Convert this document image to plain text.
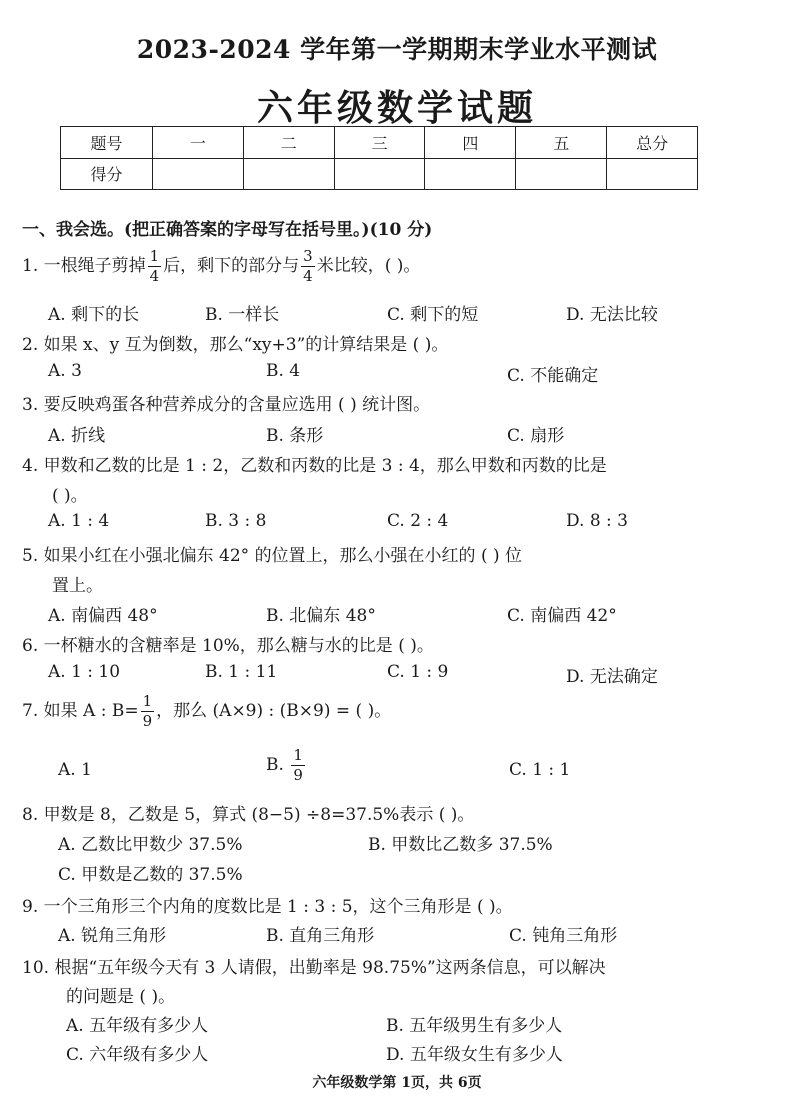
2023-2024 学年第一学期期末学业水平测试
六年级数学试题
题号	一	二	三	四	五	总分
得分						
一、我会选。(把正确答案的字母写在括号里。)(10 分)
1. 一根绳子剪掉 $\frac{1}{4}$ 后，剩下的部分与 $\frac{3}{4}$ 米比较，( )。
A. 剩下的长	B. 一样长	C. 剩下的短	D. 无法比较
2. 如果 x、y 互为倒数，那么“xy+3”的计算结果是 ( )。
A. 3	B. 4	C. 不能确定
3. 要反映鸡蛋各种营养成分的含量应选用 ( ) 统计图。
A. 折线	B. 条形	C. 扇形
4. 甲数和乙数的比是 1 : 2，乙数和丙数的比是 3 : 4，那么甲数和丙数的比是
( )。
A. 1 : 4	B. 3 : 8	C. 2 : 4	D. 8 : 3
5. 如果小红在小强北偏东 42° 的位置上，那么小强在小红的 ( ) 位
置上。
A. 南偏西 48°	B. 北偏东 48°	C. 南偏西 42°
6. 一杯糖水的含糖率是 10%，那么糖与水的比是 ( )。
A. 1 : 10	B. 1 : 11	C. 1 : 9	D. 无法确定
7. 如果 A : $B= \frac{1}{9}$ ，那么 (A×9) : (B×9) = ( )。
A. 1	B. $\frac{1}{9}$	C. 1 : 1
8. 甲数是 8，乙数是 5，算式 (8−5) ÷8=37.5%表示 ( )。
A. 乙数比甲数少 37.5%	B. 甲数比乙数多 37.5%
C. 甲数是乙数的 37.5%
9. 一个三角形三个内角的度数比是 1 : 3 : 5，这个三角形是 ( )。
A. 锐角三角形	B. 直角三角形	C. 钝角三角形
10. 根据“五年级今天有 3 人请假，出勤率是 98.75%”这两条信息，可以解决
的问题是 ( )。
A. 五年级有多少人	B. 五年级男生有多少人
C. 六年级有多少人	D. 五年级女生有多少人
六年级数学第 1页，共 6页
